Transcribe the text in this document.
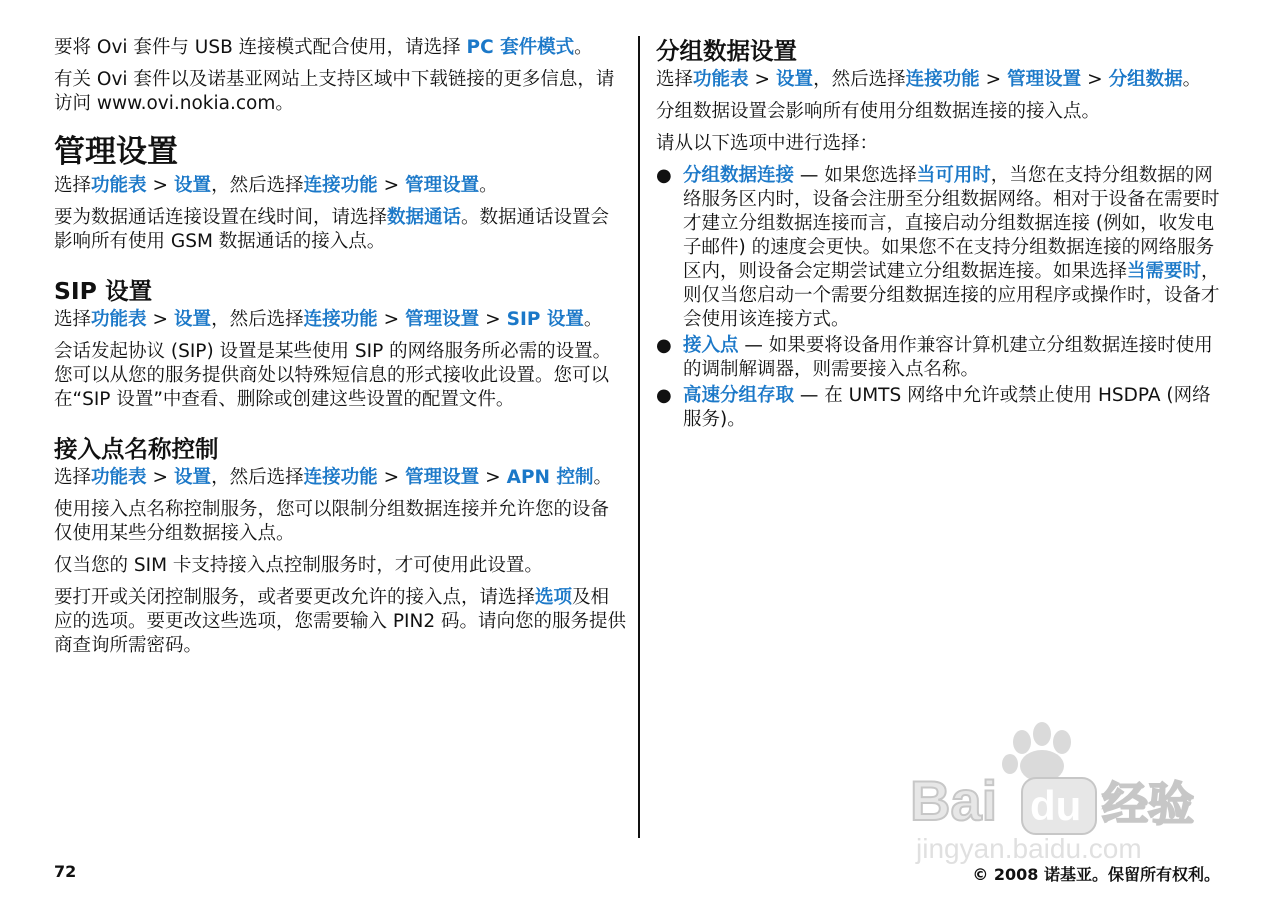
要将 Ovi 套件与 USB 连接模式配合使用，请选择 PC 套件模式。

有关 Ovi 套件以及诺基亚网站上支持区域中下载链接的更多信息，请访问 www.ovi.nokia.com。

管理设置

选择功能表 > 设置，然后选择连接功能 > 管理设置。

要为数据通话连接设置在线时间，请选择数据通话。数据通话设置会影响所有使用 GSM 数据通话的接入点。

SIP 设置

选择功能表 > 设置，然后选择连接功能 > 管理设置 > SIP 设置。

会话发起协议 (SIP) 设置是某些使用 SIP 的网络服务所必需的设置。您可以从您的服务提供商处以特殊短信息的形式接收此设置。您可以在“SIP 设置”中查看、删除或创建这些设置的配置文件。

接入点名称控制

选择功能表 > 设置，然后选择连接功能 > 管理设置 > APN 控制。

使用接入点名称控制服务，您可以限制分组数据连接并允许您的设备仅使用某些分组数据接入点。

仅当您的 SIM 卡支持接入点控制服务时，才可使用此设置。

要打开或关闭控制服务，或者要更改允许的接入点，请选择选项及相应的选项。要更改这些选项，您需要输入 PIN2 码。请向您的服务提供商查询所需密码。

分组数据设置

选择功能表 > 设置，然后选择连接功能 > 管理设置 > 分组数据。

分组数据设置会影响所有使用分组数据连接的接入点。

请从以下选项中进行选择：

● 分组数据连接 — 如果您选择当可用时，当您在支持分组数据的网络服务区内时，设备会注册至分组数据网络。相对于设备在需要时才建立分组数据连接而言，直接启动分组数据连接 (例如，收发电子邮件) 的速度会更快。如果您不在支持分组数据连接的网络服务区内，则设备会定期尝试建立分组数据连接。如果选择当需要时，则仅当您启动一个需要分组数据连接的应用程序或操作时，设备才会使用该连接方式。
● 接入点 — 如果要将设备用作兼容计算机建立分组数据连接时使用的调制解调器，则需要接入点名称。
● 高速分组存取 — 在 UMTS 网络中允许或禁止使用 HSDPA (网络服务)。
Bai du 经验
jingyan.baidu.com
72	© 2008 诺基亚。保留所有权利。
